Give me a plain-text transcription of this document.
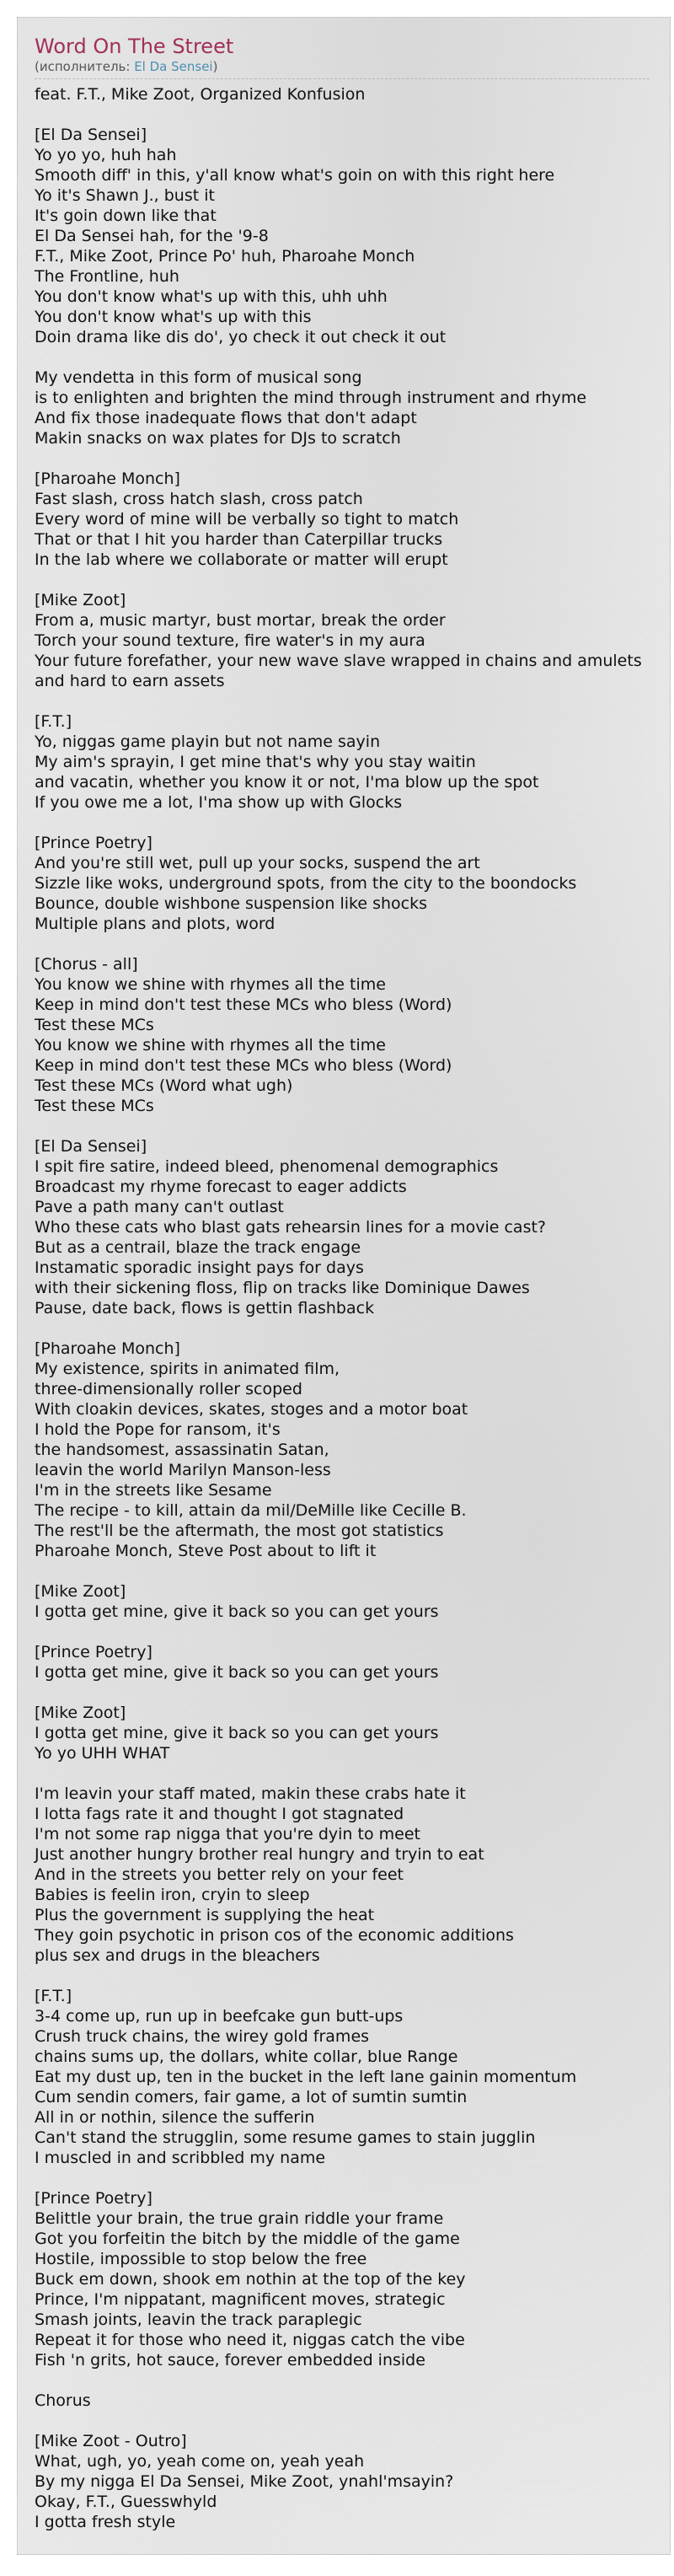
Word On The Street
(исполнитель: El Da Sensei)
feat. F.T., Mike Zoot, Organized Konfusion

[El Da Sensei]
Yo yo yo, huh hah
Smooth diff' in this, y'all know what's goin on with this right here
Yo it's Shawn J., bust it
It's goin down like that
El Da Sensei hah, for the '9-8
F.T., Mike Zoot, Prince Po' huh, Pharoahe Monch
The Frontline, huh
You don't know what's up with this, uhh uhh
You don't know what's up with this
Doin drama like dis do', yo check it out check it out

My vendetta in this form of musical song
is to enlighten and brighten the mind through instrument and rhyme
And fix those inadequate flows that don't adapt
Makin snacks on wax plates for DJs to scratch

[Pharoahe Monch]
Fast slash, cross hatch slash, cross patch
Every word of mine will be verbally so tight to match
That or that I hit you harder than Caterpillar trucks
In the lab where we collaborate or matter will erupt

[Mike Zoot]
From a, music martyr, bust mortar, break the order
Torch your sound texture, fire water's in my aura
Your future forefather, your new wave slave wrapped in chains and amulets
and hard to earn assets

[F.T.]
Yo, niggas game playin but not name sayin
My aim's sprayin, I get mine that's why you stay waitin
and vacatin, whether you know it or not, I'ma blow up the spot
If you owe me a lot, I'ma show up with Glocks

[Prince Poetry]
And you're still wet, pull up your socks, suspend the art
Sizzle like woks, underground spots, from the city to the boondocks
Bounce, double wishbone suspension like shocks
Multiple plans and plots, word

[Chorus - all]
You know we shine with rhymes all the time
Keep in mind don't test these MCs who bless (Word)
Test these MCs
You know we shine with rhymes all the time
Keep in mind don't test these MCs who bless (Word)
Test these MCs (Word what ugh)
Test these MCs

[El Da Sensei]
I spit fire satire, indeed bleed, phenomenal demographics
Broadcast my rhyme forecast to eager addicts
Pave a path many can't outlast
Who these cats who blast gats rehearsin lines for a movie cast?
But as a centrail, blaze the track engage
Instamatic sporadic insight pays for days
with their sickening floss, flip on tracks like Dominique Dawes
Pause, date back, flows is gettin flashback

[Pharoahe Monch]
My existence, spirits in animated film,
three-dimensionally roller scoped
With cloakin devices, skates, stoges and a motor boat
I hold the Pope for ransom, it's
the handsomest, assassinatin Satan,
leavin the world Marilyn Manson-less
I'm in the streets like Sesame
The recipe - to kill, attain da mil/DeMille like Cecille B.
The rest'll be the aftermath, the most got statistics
Pharoahe Monch, Steve Post about to lift it

[Mike Zoot]
I gotta get mine, give it back so you can get yours

[Prince Poetry]
I gotta get mine, give it back so you can get yours

[Mike Zoot]
I gotta get mine, give it back so you can get yours
Yo yo UHH WHAT

I'm leavin your staff mated, makin these crabs hate it
I lotta fags rate it and thought I got stagnated
I'm not some rap nigga that you're dyin to meet
Just another hungry brother real hungry and tryin to eat
And in the streets you better rely on your feet
Babies is feelin iron, cryin to sleep
Plus the government is supplying the heat
They goin psychotic in prison cos of the economic additions
plus sex and drugs in the bleachers

[F.T.]
3-4 come up, run up in beefcake gun butt-ups
Crush truck chains, the wirey gold frames
chains sums up, the dollars, white collar, blue Range
Eat my dust up, ten in the bucket in the left lane gainin momentum
Cum sendin comers, fair game, a lot of sumtin sumtin
All in or nothin, silence the sufferin
Can't stand the strugglin, some resume games to stain jugglin
I muscled in and scribbled my name

[Prince Poetry]
Belittle your brain, the true grain riddle your frame
Got you forfeitin the bitch by the middle of the game
Hostile, impossible to stop below the free
Buck em down, shook em nothin at the top of the key
Prince, I'm nippatant, magnificent moves, strategic
Smash joints, leavin the track paraplegic
Repeat it for those who need it, niggas catch the vibe
Fish 'n grits, hot sauce, forever embedded inside

Chorus

[Mike Zoot - Outro]
What, ugh, yo, yeah come on, yeah yeah
By my nigga El Da Sensei, Mike Zoot, ynahl'msayin?
Okay, F.T., Guesswhyld
I gotta fresh style
